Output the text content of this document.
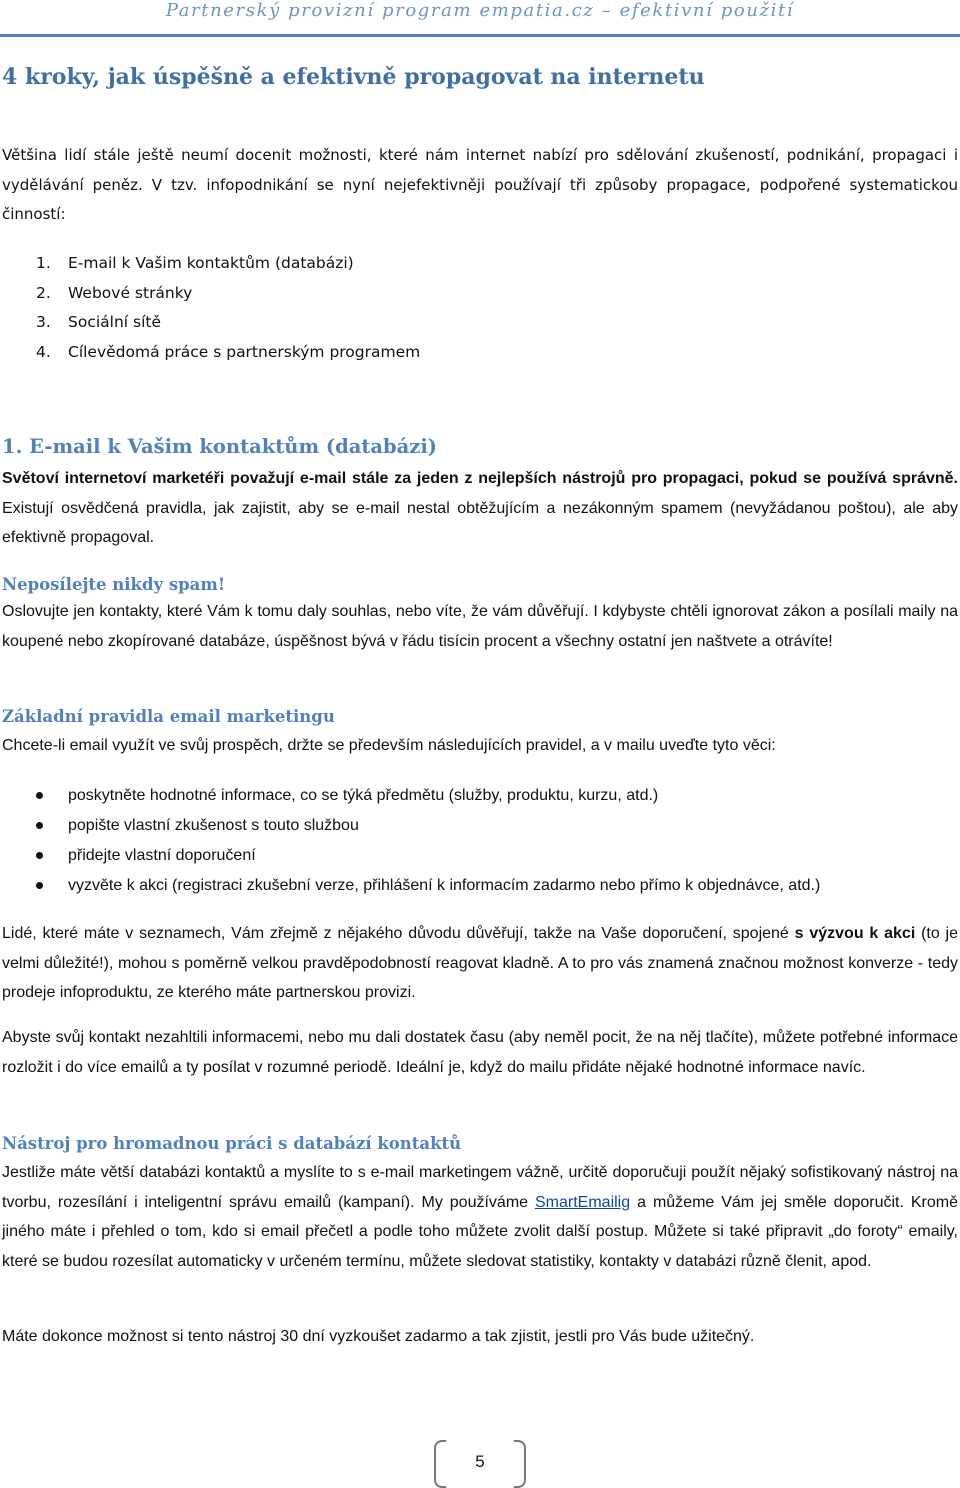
Partnerský provizní program empatia.cz – efektivní použití
4 kroky, jak úspěšně a efektivně propagovat na internetu

Většina lidí stále ještě neumí docenit možnosti, které nám internet nabízí pro sdělování zkušeností, podnikání, propagaci i vydělávání peněz. V tzv. infopodnikání se nyní nejefektivněji používají tři způsoby propagace, podpořené systematickou činností:

1.	E-mail k Vašim kontaktům (databázi)
2.	Webové stránky
3.	Sociální sítě
4.	Cílevědomá práce s partnerským programem
1. E-mail k Vašim kontaktům (databázi)

Světoví internetoví marketéři považují e-mail stále za jeden z nejlepších nástrojů pro propagaci, pokud se používá správně. Existují osvědčená pravidla, jak zajistit, aby se e-mail nestal obtěžujícím a nezákonným spamem (nevyžádanou poštou), ale aby efektivně propagoval.

Neposílejte nikdy spam!

Oslovujte jen kontakty, které Vám k tomu daly souhlas, nebo víte, že vám důvěřují. I kdybyste chtěli ignorovat zákon a posílali maily na koupené nebo zkopírované databáze, úspěšnost bývá v řádu tisícin procent a všechny ostatní jen naštvete a otrávíte!

Základní pravidla email marketingu

Chcete-li email využít ve svůj prospěch, držte se především následujících pravidel, a v mailu uveďte tyto věci:

poskytněte hodnotné informace, co se týká předmětu (služby, produktu, kurzu, atd.)
popište vlastní zkušenost s touto službou
přidejte vlastní doporučení
vyzvěte k akci (registraci zkušební verze, přihlášení k informacím zadarmo nebo přímo k objednávce, atd.)

Lidé, které máte v seznamech, Vám zřejmě z nějakého důvodu důvěřují, takže na Vaše doporučení, spojené s výzvou k akci (to je velmi důležité!), mohou s poměrně velkou pravděpodobností reagovat kladně. A to pro vás znamená značnou možnost konverze - tedy prodeje infoproduktu, ze kterého máte partnerskou provizi.

Abyste svůj kontakt nezahltili informacemi, nebo mu dali dostatek času (aby neměl pocit, že na něj tlačíte), můžete potřebné informace rozložit i do více emailů a ty posílat v rozumné periodě. Ideální je, když do mailu přidáte nějaké hodnotné informace navíc.

Nástroj pro hromadnou práci s databází kontaktů

Jestliže máte větší databázi kontaktů a myslíte to s e-mail marketingem vážně, určitě doporučuji použít nějaký sofistikovaný nástroj na tvorbu, rozesílání i inteligentní správu emailů (kampaní). My používáme SmartEmailig a můžeme Vám jej směle doporučit. Kromě jiného máte i přehled o tom, kdo si email přečetl a podle toho můžete zvolit další postup. Můžete si také připravit „do foroty“ emaily, které se budou rozesílat automaticky v určeném termínu, můžete sledovat statistiky, kontakty v databázi různě členit, apod.

Máte dokonce možnost si tento nástroj 30 dní vyzkoušet zadarmo a tak zjistit, jestli pro Vás bude užitečný.

5
